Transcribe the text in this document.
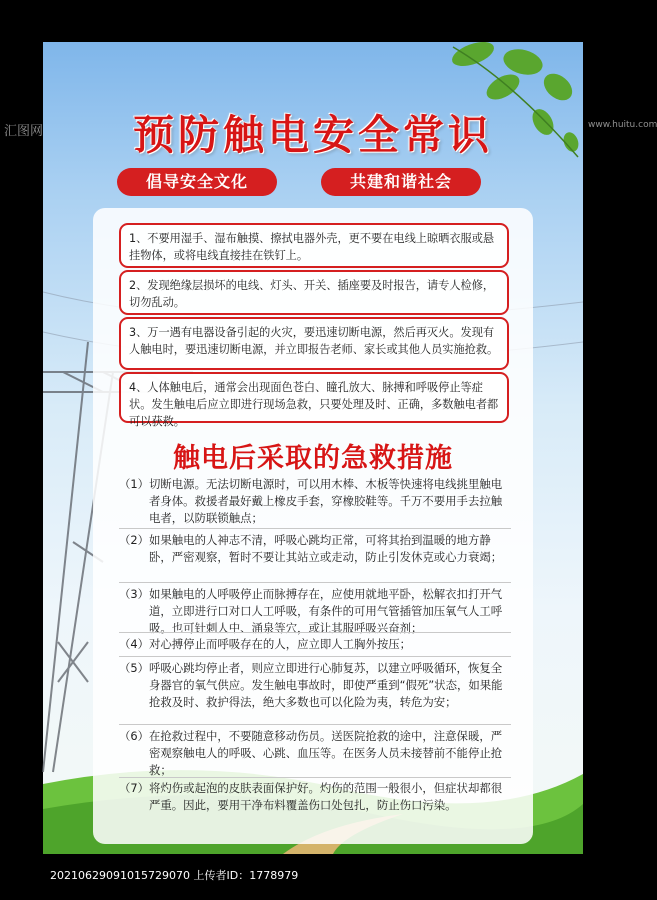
预防触电安全常识
倡导安全文化	共建和谐社会
1、不要用湿手、湿布触摸、擦拭电器外壳，更不要在电线上晾晒衣服或悬挂物体，或将电线直接挂在铁钉上。
2、发现绝缘层损坏的电线、灯头、开关、插座要及时报告，请专人检修，切勿乱动。
3、万一遇有电器设备引起的火灾，要迅速切断电源，然后再灭火。发现有人触电时，要迅速切断电源，并立即报告老师、家长或其他人员实施抢救。
4、人体触电后，通常会出现面色苍白、瞳孔放大、脉搏和呼吸停止等症状。发生触电后应立即进行现场急救，只要处理及时、正确，多数触电者都可以获救。
触电后采取的急救措施
（1） 切断电源。无法切断电源时，可以用木棒、木板等快速将电线挑里触电者身体。救援者最好戴上橡皮手套，穿橡胶鞋等。千万不要用手去拉触电者，以防联锁触点；
（2） 如果触电的人神志不清，呼吸心跳均正常，可将其抬到温暖的地方静卧，严密观察，暂时不要让其站立或走动，防止引发休克或心力衰竭；
（3） 如果触电的人呼吸停止而脉搏存在，应使用就地平卧，松解衣扣打开气道，立即进行口对口人工呼吸，有条件的可用气管插管加压氧气人工呼吸。也可针刺人中、涌泉等穴，或让其服呼吸兴奋剂；
（4） 对心搏停止而呼吸存在的人，应立即人工胸外按压；
（5） 呼吸心跳均停止者，则应立即进行心肺复苏，以建立呼吸循环，恢复全身器官的氧气供应。发生触电事故时，即使严重到“假死”状态，如果能抢救及时、救护得法，绝大多数也可以化险为夷，转危为安；
（6） 在抢救过程中，不要随意移动伤员。送医院抢救的途中，注意保暖，严密观察触电人的呼吸、心跳、血压等。在医务人员未接替前不能停止抢救；
（7） 将灼伤或起泡的皮肤表面保护好。灼伤的范围一般很小，但症状却都很严重。因此，要用干净布料覆盖伤口处包扎，防止伤口污染。
20210629091015729070 上传者ID：1778979
汇图网	www.huitu.com
